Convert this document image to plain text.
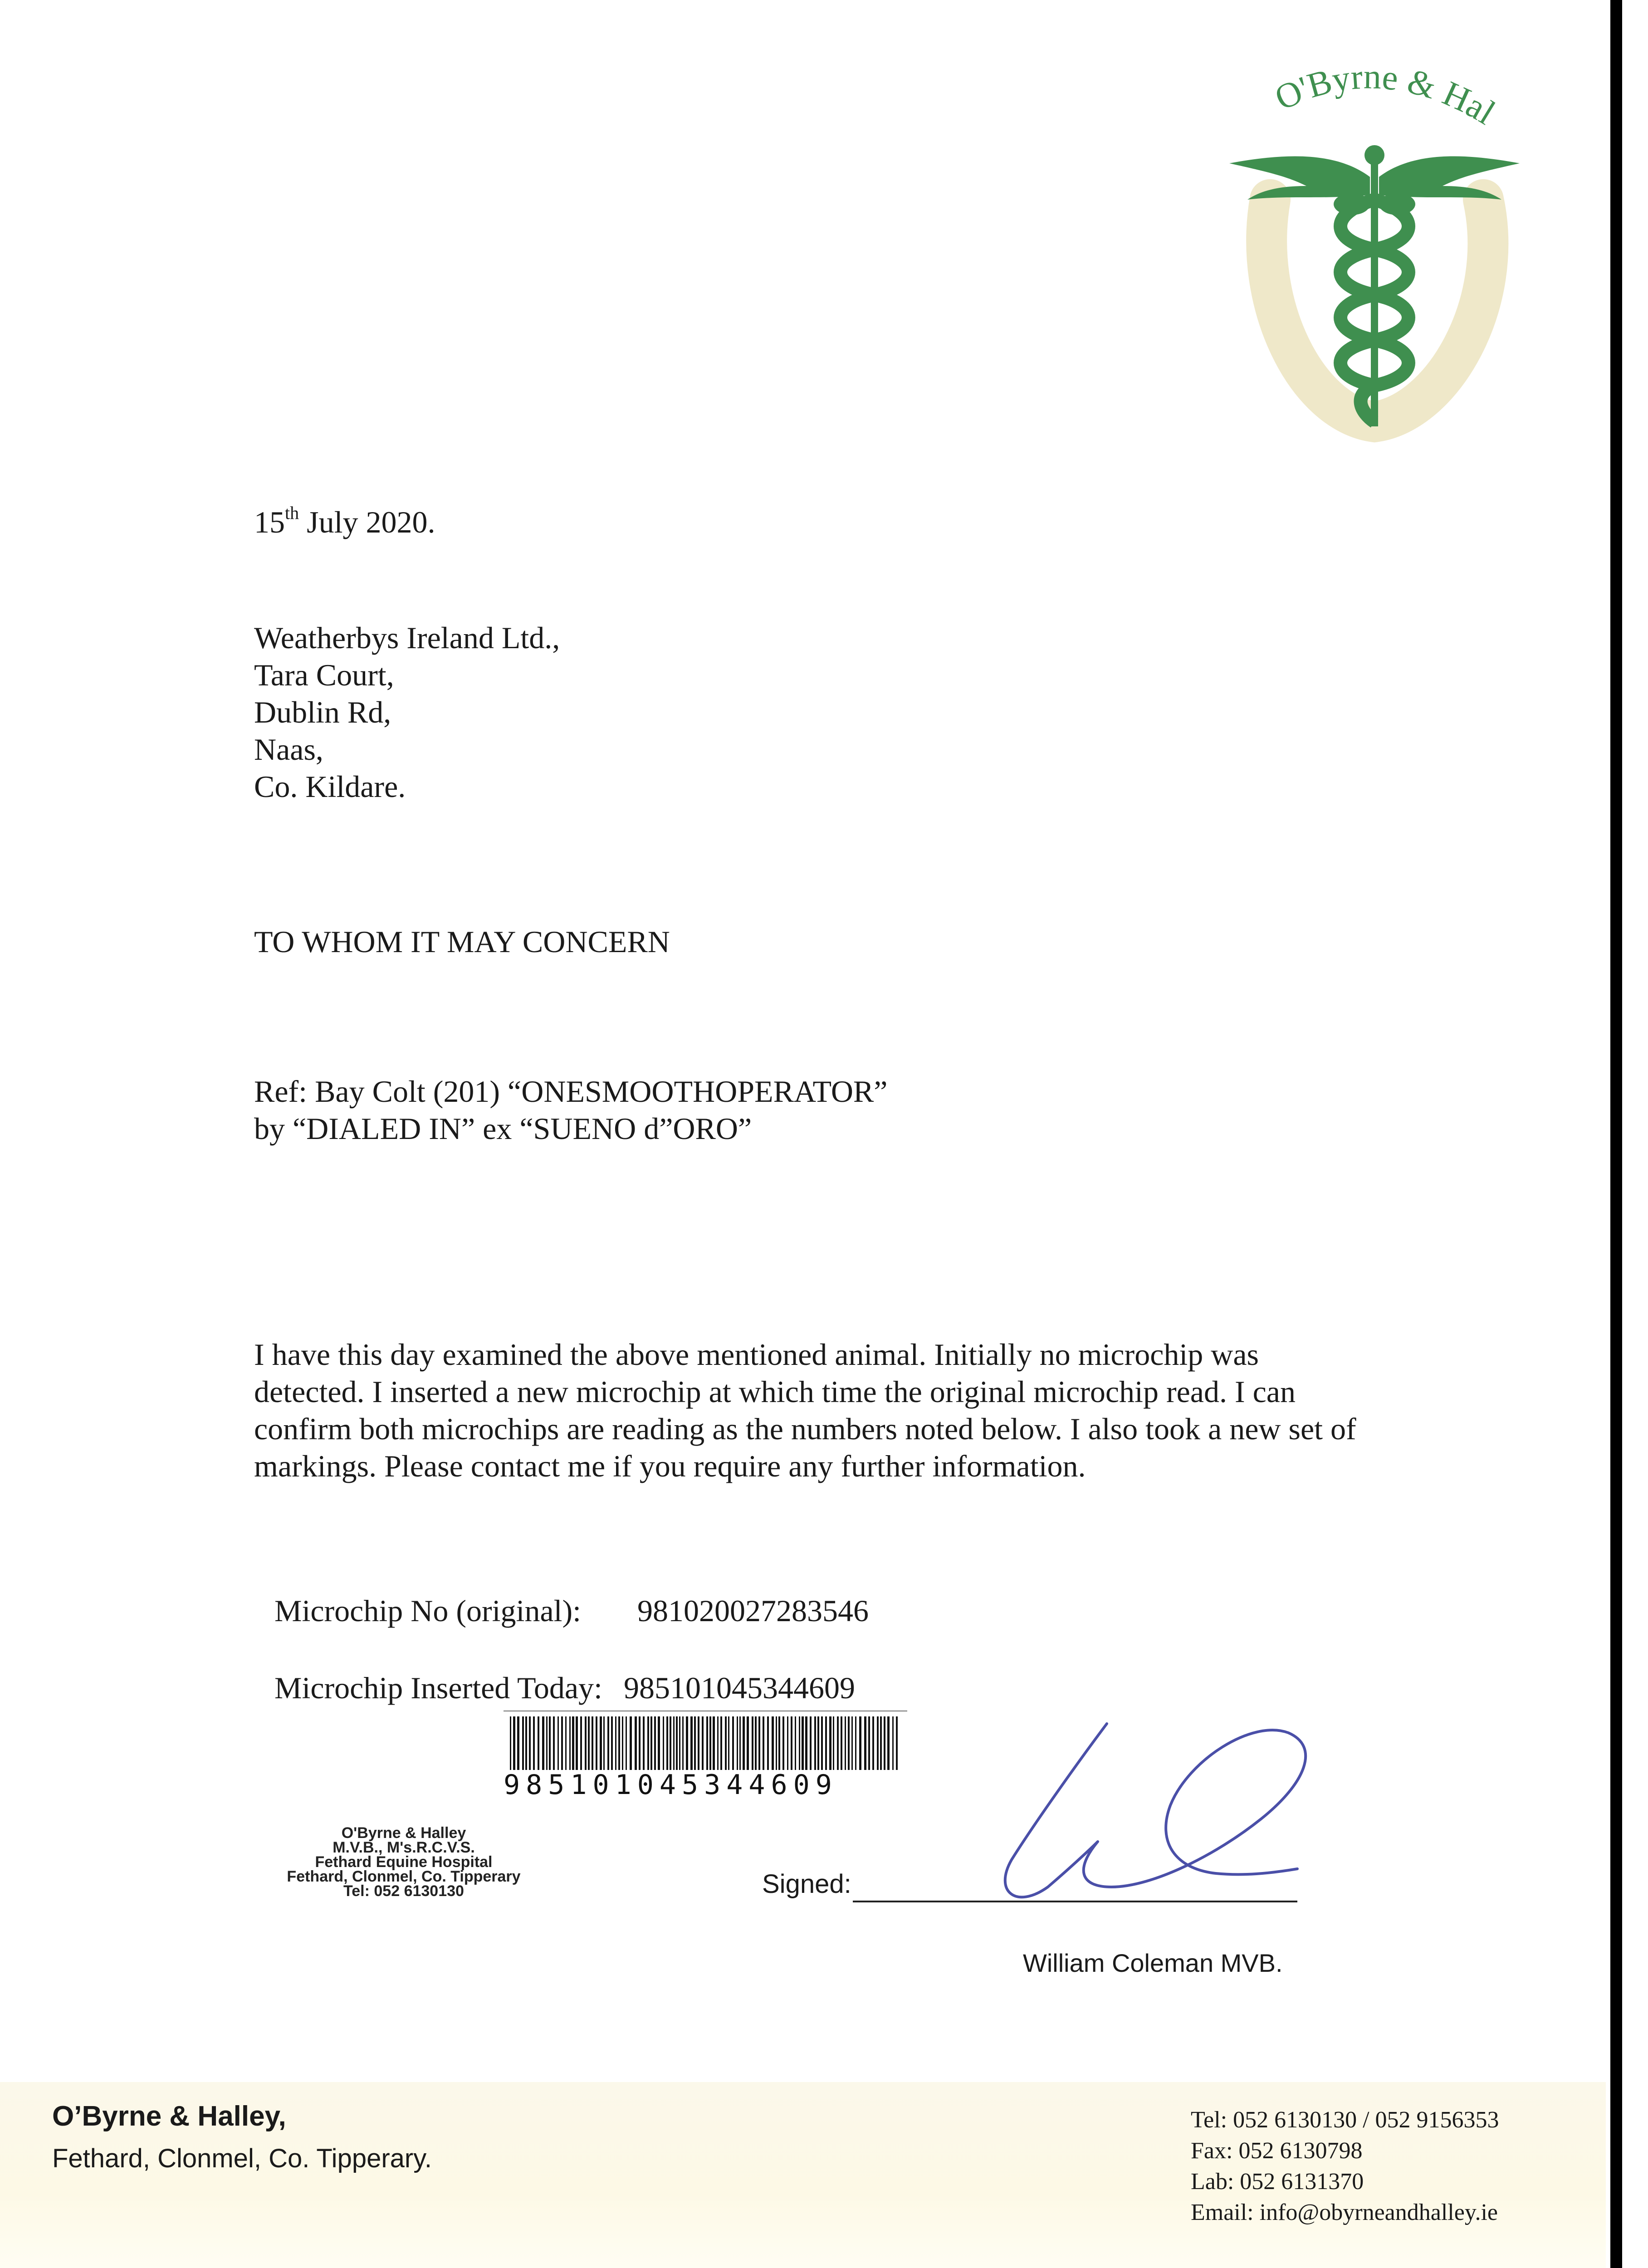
O'Byrne & Hal
15th July 2020.
Weatherbys Ireland Ltd.,
Tara Court,
Dublin Rd,
Naas,
Co. Kildare.
TO WHOM IT MAY CONCERN
Ref: Bay Colt (201) “ONESMOOTHOPERATOR”
by “DIALED IN” ex “SUENO d”ORO”
I have this day examined the above mentioned animal. Initially no microchip was
detected. I inserted a new microchip at which time the original microchip read. I can
confirm both microchips are reading as the numbers noted below. I also took a new set of
markings. Please contact me if you require any further information.
Microchip No (original): 981020027283546
Microchip Inserted Today: 985101045344609
985101045344609
O'Byrne & Halley
M.V.B., M's.R.C.V.S.
Fethard Equine Hospital
Fethard, Clonmel, Co. Tipperary
Tel: 052 6130130	Signed:
William Coleman MVB.
O’Byrne & Halley,
Fethard, Clonmel, Co. Tipperary.
Tel: 052 6130130 / 052 9156353
Fax: 052 6130798
Lab: 052 6131370
Email: info@obyrneandhalley.ie
